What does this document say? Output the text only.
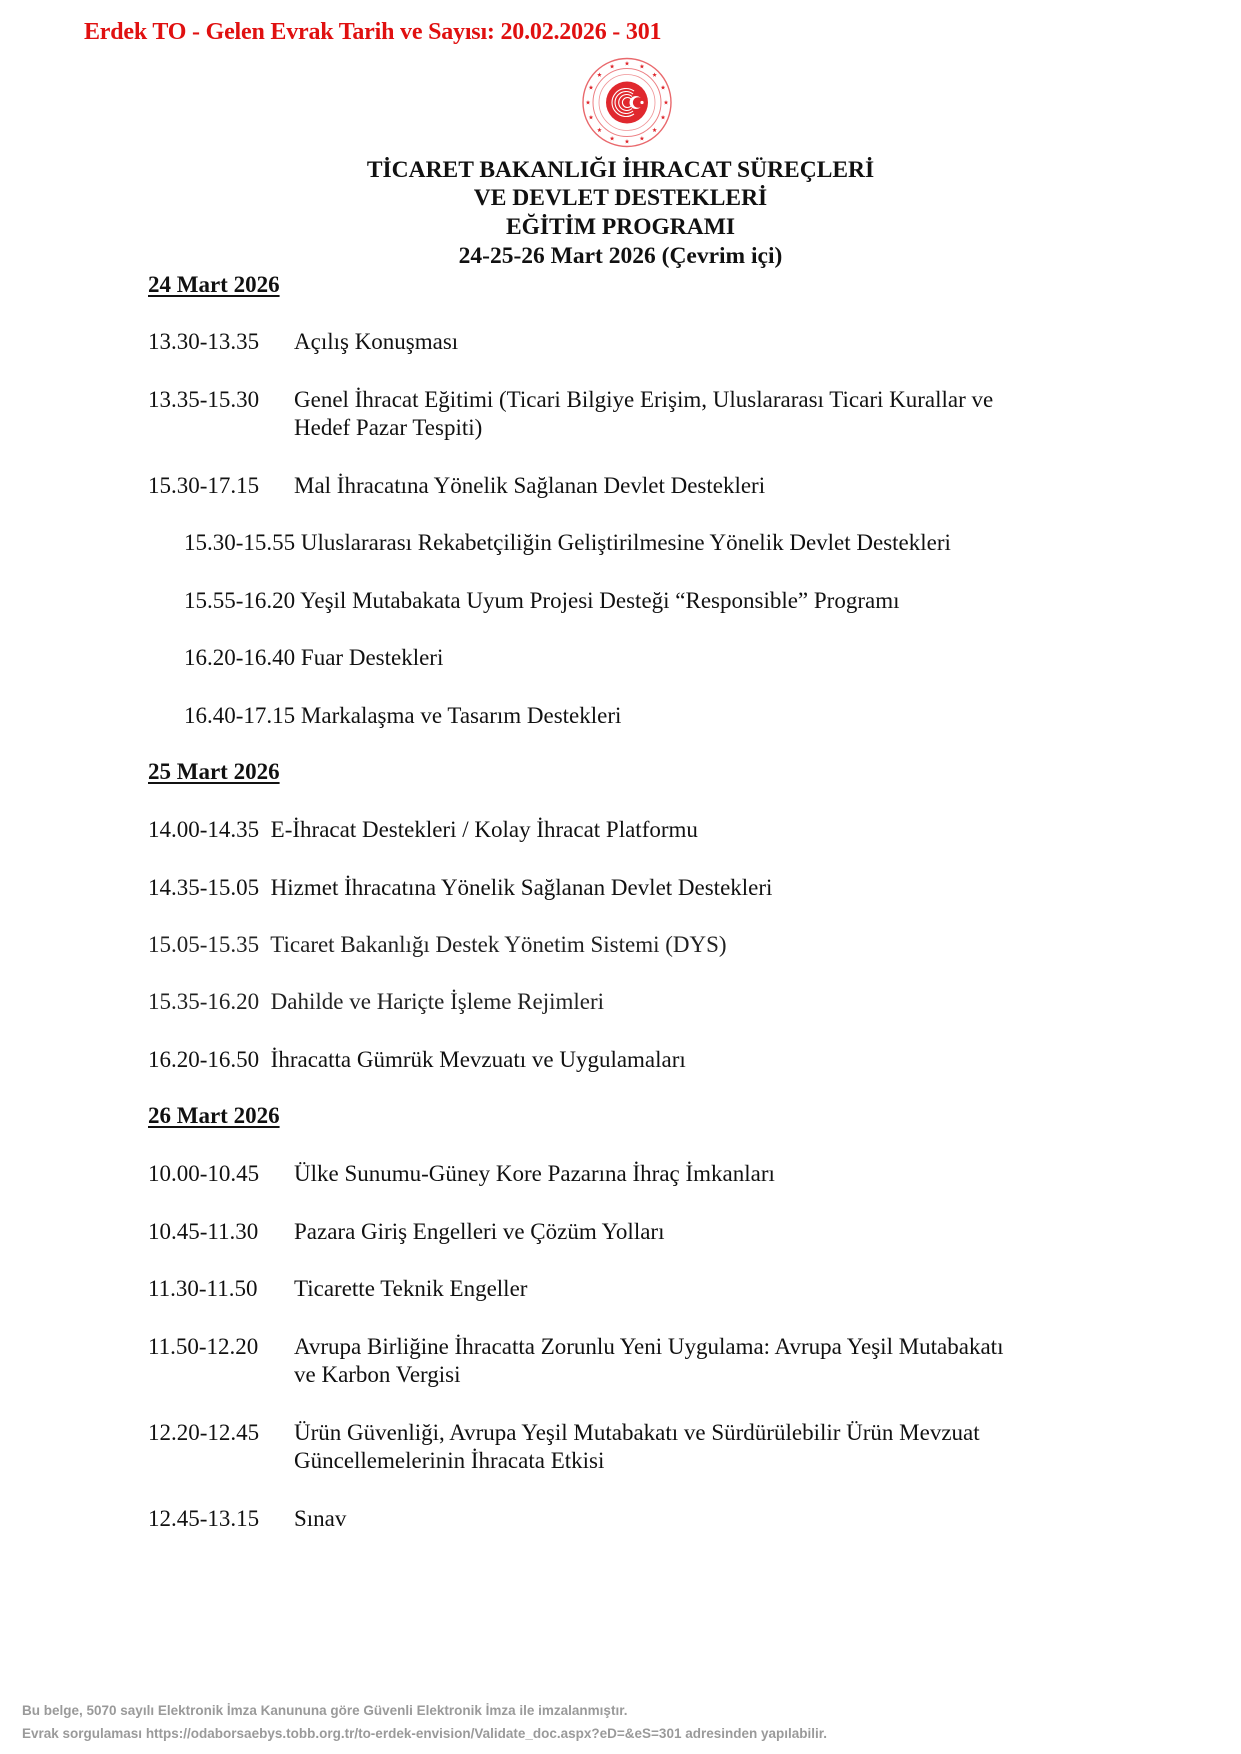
Erdek TO - Gelen Evrak Tarih ve Sayısı: 20.02.2026 - 301
TİCARET BAKANLIĞI İHRACAT SÜREÇLERİ
VE DEVLET DESTEKLERİ
EĞİTİM PROGRAMI
24-25-26 Mart 2026 (Çevrim içi)
24 Mart 2026
13.30-13.35 Açılış Konuşması
13.35-15.30 Genel İhracat Eğitimi (Ticari Bilgiye Erişim, Uluslararası Ticari Kurallar ve
Hedef Pazar Tespiti)
15.30-17.15 Mal İhracatına Yönelik Sağlanan Devlet Destekleri
15.30-15.55 Uluslararası Rekabetçiliğin Geliştirilmesine Yönelik Devlet Destekleri
15.55-16.20 Yeşil Mutabakata Uyum Projesi Desteği “Responsible” Programı
16.20-16.40 Fuar Destekleri
16.40-17.15 Markalaşma ve Tasarım Destekleri
25 Mart 2026
14.00-14.35 E-İhracat Destekleri / Kolay İhracat Platformu
14.35-15.05 Hizmet İhracatına Yönelik Sağlanan Devlet Destekleri
15.05-15.35 Ticaret Bakanlığı Destek Yönetim Sistemi (DYS)
15.35-16.20 Dahilde ve Hariçte İşleme Rejimleri
16.20-16.50 İhracatta Gümrük Mevzuatı ve Uygulamaları
26 Mart 2026
10.00-10.45 Ülke Sunumu-Güney Kore Pazarına İhraç İmkanları
10.45-11.30 Pazara Giriş Engelleri ve Çözüm Yolları
11.30-11.50 Ticarette Teknik Engeller
11.50-12.20 Avrupa Birliğine İhracatta Zorunlu Yeni Uygulama: Avrupa Yeşil Mutabakatı
ve Karbon Vergisi
12.20-12.45 Ürün Güvenliği, Avrupa Yeşil Mutabakatı ve Sürdürülebilir Ürün Mevzuat
Güncellemelerinin İhracata Etkisi
12.45-13.15 Sınav
Bu belge, 5070 sayılı Elektronik İmza Kanununa göre Güvenli Elektronik İmza ile imzalanmıştır.
Evrak sorgulaması https://odaborsaebys.tobb.org.tr/to-erdek-envision/Validate_doc.aspx?eD=&eS=301 adresinden yapılabilir.
